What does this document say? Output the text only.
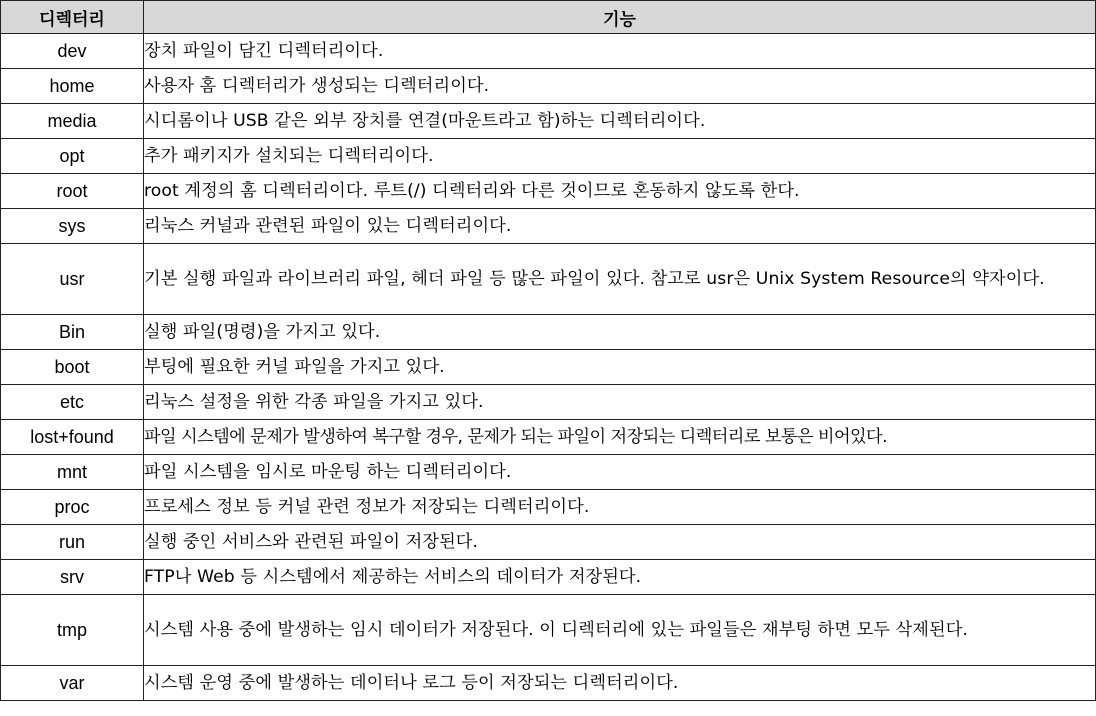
디렉터리	기능
dev	장치 파일이 담긴 디렉터리이다.
home	사용자 홈 디렉터리가 생성되는 디렉터리이다.
media	시디롬이나 USB 같은 외부 장치를 연결(마운트라고 함)하는 디렉터리이다.
opt	추가 패키지가 설치되는 디렉터리이다.
root	root 계정의 홈 디렉터리이다. 루트(/) 디렉터리와 다른 것이므로 혼동하지 않도록 한다.
sys	리눅스 커널과 관련된 파일이 있는 디렉터리이다.
usr	기본 실행 파일과 라이브러리 파일, 헤더 파일 등 많은 파일이 있다. 참고로 usr은 Unix System Resource의 약자이다.
Bin	실행 파일(명령)을 가지고 있다.
boot	부팅에 필요한 커널 파일을 가지고 있다.
etc	리눅스 설정을 위한 각종 파일을 가지고 있다.
lost+found	파일 시스템에 문제가 발생하여 복구할 경우, 문제가 되는 파일이 저장되는 디렉터리로 보통은 비어있다.
mnt	파일 시스템을 임시로 마운팅 하는 디렉터리이다.
proc	프로세스 정보 등 커널 관련 정보가 저장되는 디렉터리이다.
run	실행 중인 서비스와 관련된 파일이 저장된다.
srv	FTP나 Web 등 시스템에서 제공하는 서비스의 데이터가 저장된다.
tmp	시스템 사용 중에 발생하는 임시 데이터가 저장된다. 이 디렉터리에 있는 파일들은 재부팅 하면 모두 삭제된다.
var	시스템 운영 중에 발생하는 데이터나 로그 등이 저장되는 디렉터리이다.
